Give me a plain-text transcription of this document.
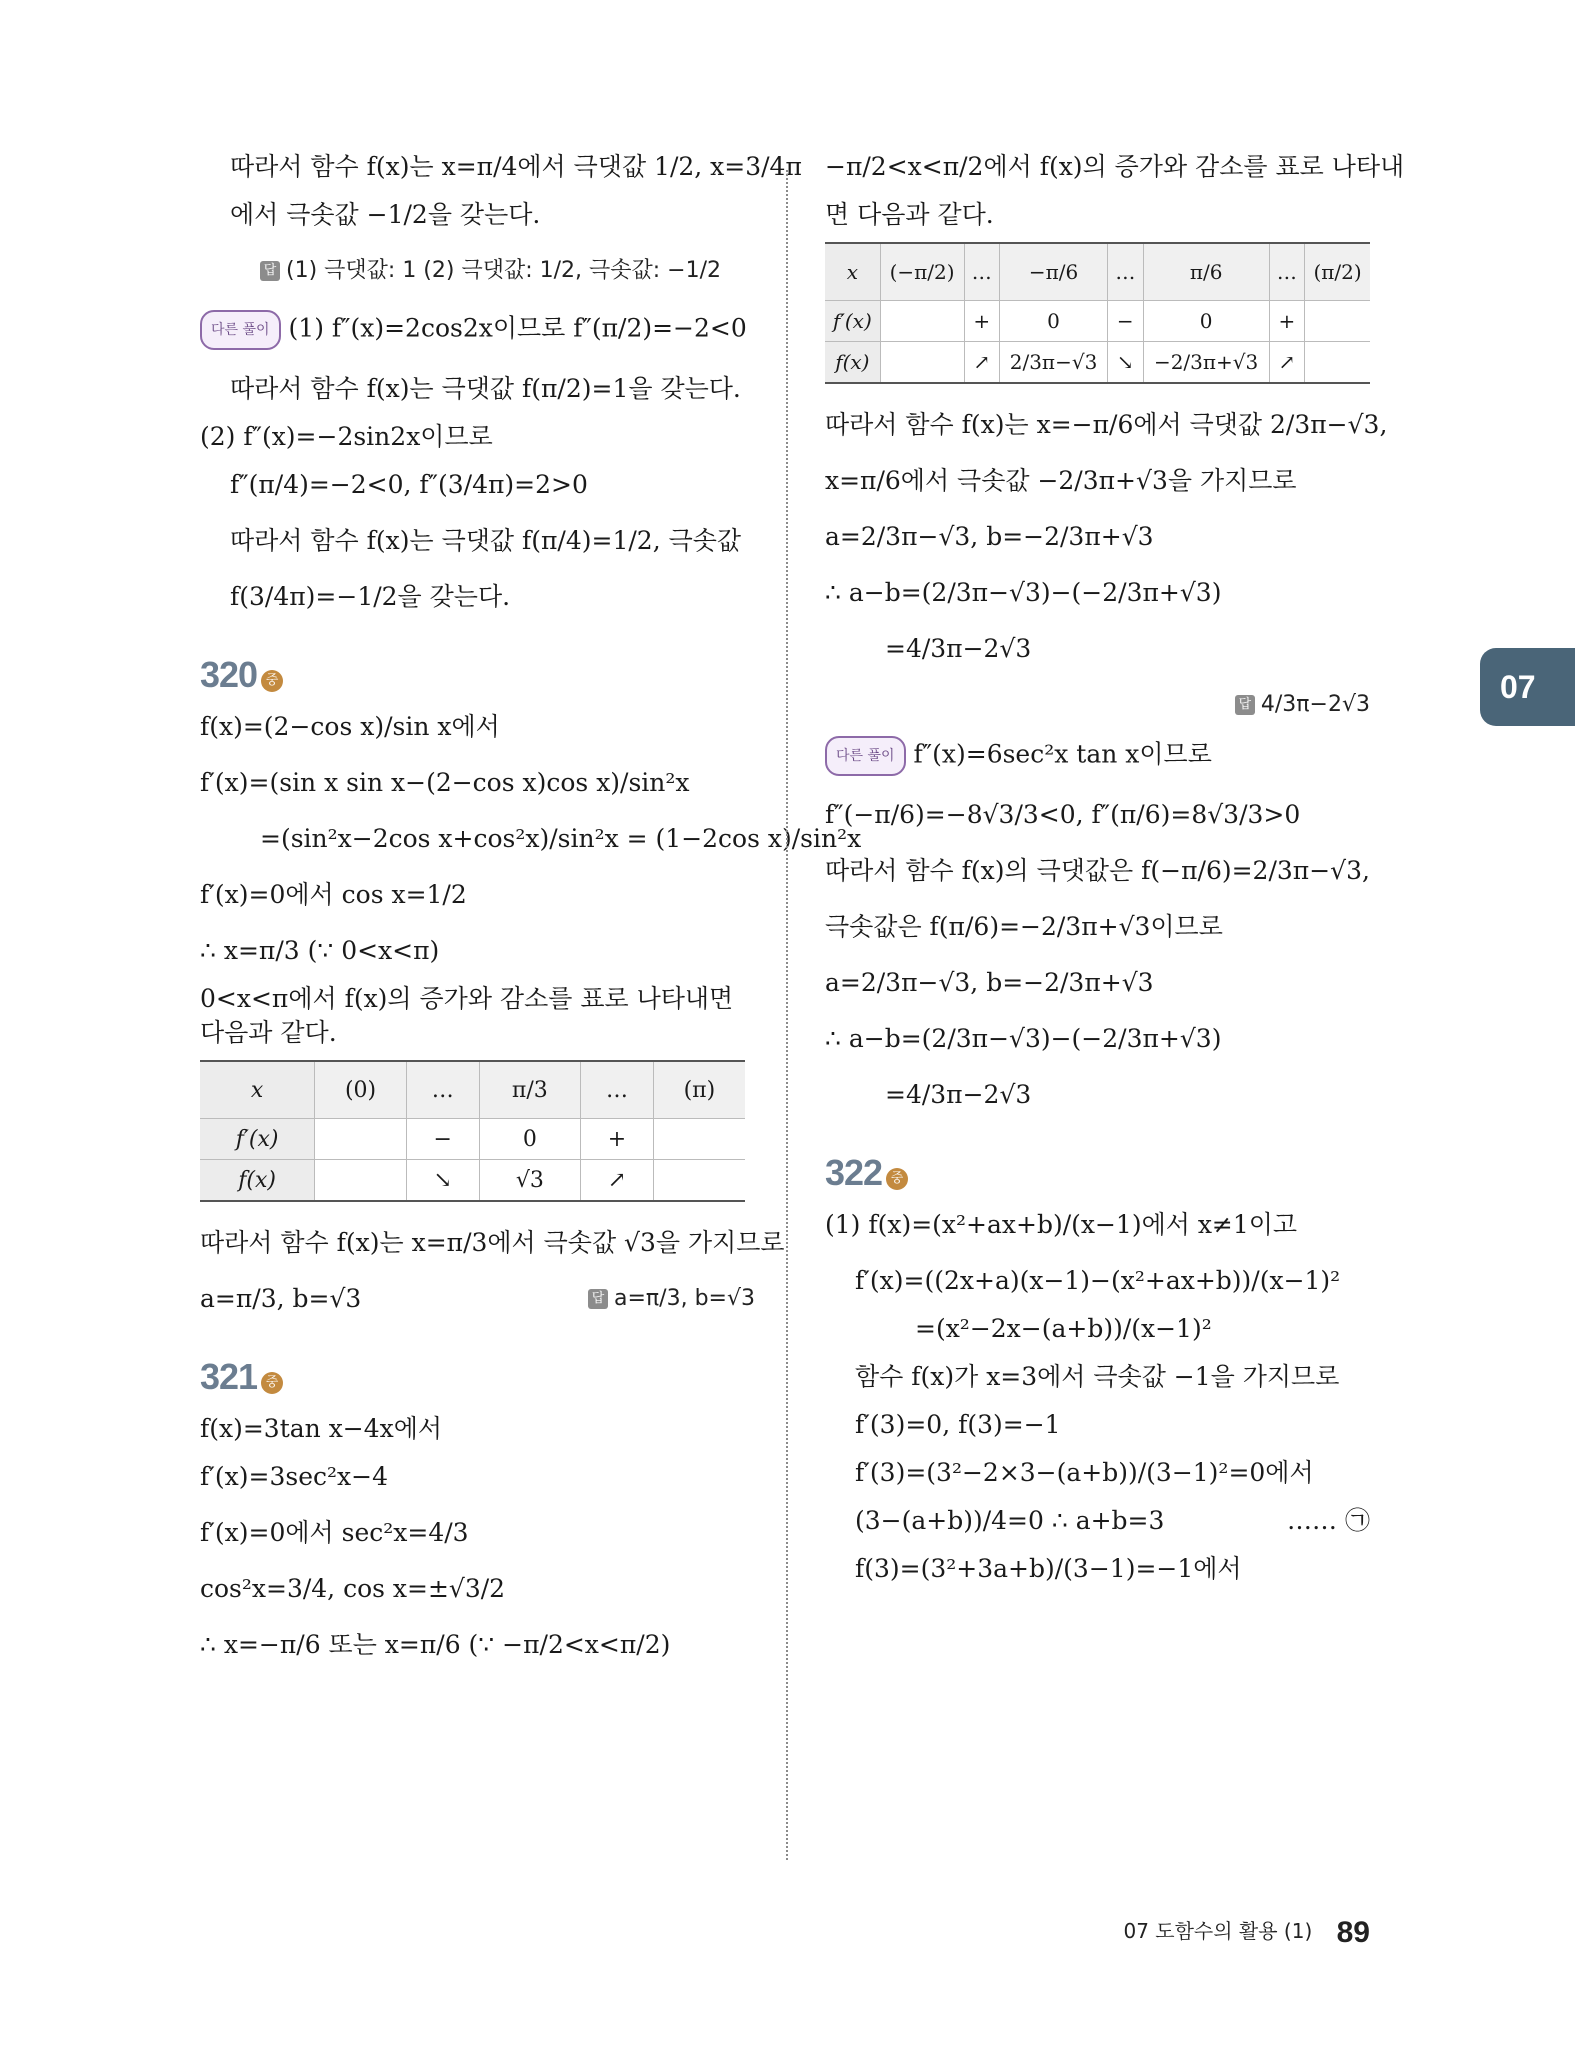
따라서 함수 f(x)는 x=π/4에서 극댓값 1/2, x=3/4π

에서 극솟값 −1/2을 갖는다.

답 (1) 극댓값: 1 (2) 극댓값: 1/2, 극솟값: −1/2

다른 풀이 (1) f″(x)=2cos2x이므로 f″(π/2)=−2<0

따라서 함수 f(x)는 극댓값 f(π/2)=1을 갖는다.

(2) f″(x)=−2sin2x이므로

f″(π/4)=−2<0, f″(3/4π)=2>0

따라서 함수 f(x)는 극댓값 f(π/4)=1/2, 극솟값

f(3/4π)=−1/2을 갖는다.

320 중

f(x)=(2−cos x)/sin x에서

f′(x)=(sin x sin x−(2−cos x)cos x)/sin²x

=(sin²x−2cos x+cos²x)/sin²x = (1−2cos x)/sin²x

f′(x)=0에서 cos x=1/2

∴ x=π/3 (∵ 0<x<π)

0<x<π에서 f(x)의 증가와 감소를 표로 나타내면

다음과 같다.

x	(0)	…	π/3	…	(π)
f′(x)		−	0	+	
f(x)		↘	√3	↗	

따라서 함수 f(x)는 x=π/3에서 극솟값 √3을 가지므로

a=π/3, b=√3	답 a=π/3, b=√3

321 중

f(x)=3tan x−4x에서

f′(x)=3sec²x−4

f′(x)=0에서 sec²x=4/3

cos²x=3/4, cos x=±√3/2

∴ x=−π/6 또는 x=π/6 (∵ −π/2<x<π/2)

−π/2<x<π/2에서 f(x)의 증가와 감소를 표로 나타내

면 다음과 같다.

x	(−π/2)	…	−π/6	…	π/6	…	(π/2)
f′(x)		+	0	−	0	+	
f(x)		↗	2/3π−√3	↘	−2/3π+√3	↗	

따라서 함수 f(x)는 x=−π/6에서 극댓값 2/3π−√3,

x=π/6에서 극솟값 −2/3π+√3을 가지므로

a=2/3π−√3, b=−2/3π+√3

∴ a−b=(2/3π−√3)−(−2/3π+√3)

=4/3π−2√3

답 4/3π−2√3

다른 풀이 f″(x)=6sec²x tan x이므로

f″(−π/6)=−8√3/3<0, f″(π/6)=8√3/3>0

따라서 함수 f(x)의 극댓값은 f(−π/6)=2/3π−√3,

극솟값은 f(π/6)=−2/3π+√3이므로

a=2/3π−√3, b=−2/3π+√3

∴ a−b=(2/3π−√3)−(−2/3π+√3)

=4/3π−2√3

322 중

(1) f(x)=(x²+ax+b)/(x−1)에서 x≠1이고

f′(x)=((2x+a)(x−1)−(x²+ax+b))/(x−1)²

=(x²−2x−(a+b))/(x−1)²

함수 f(x)가 x=3에서 극솟값 −1을 가지므로

f′(3)=0, f(3)=−1

f′(3)=(3²−2×3−(a+b))/(3−1)²=0에서

(3−(a+b))/4=0 ∴ a+b=3	…… ㉠

f(3)=(3²+3a+b)/(3−1)=−1에서

07
07 도함수의 활용 (1) 89
